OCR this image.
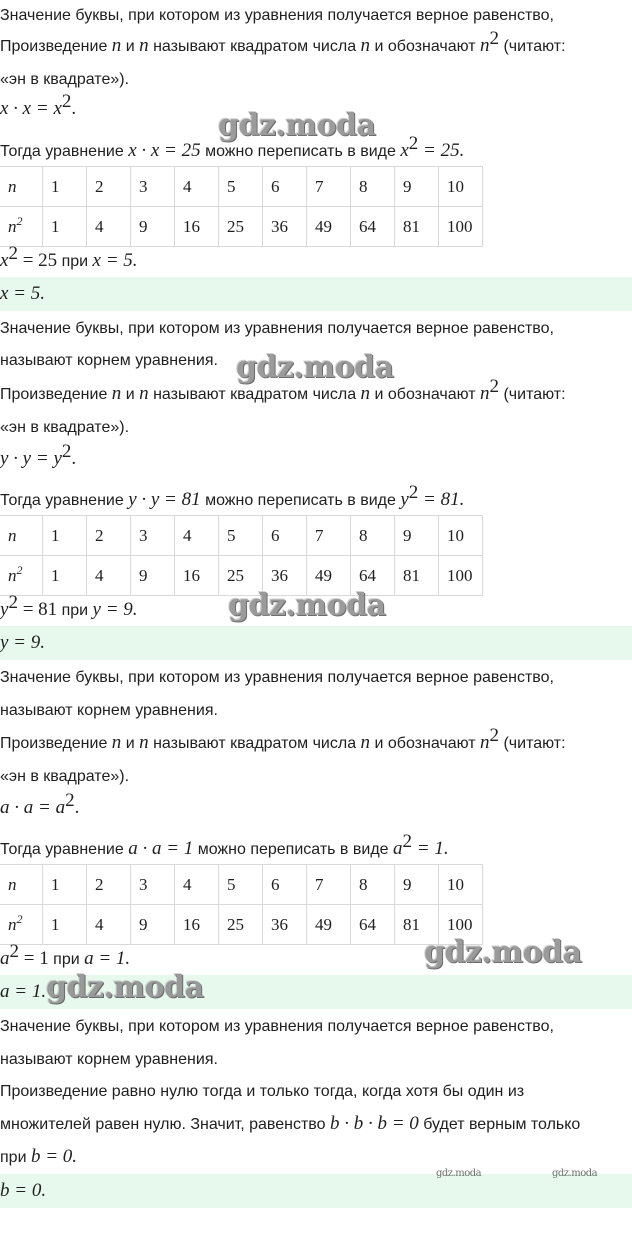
Значение буквы, при котором из уравнения получается верное равенство,
Произведение n и n называют квадратом числа n и обозначают $n^2$ (читают:
«эн в квадрате»).
$x \cdot x = x^2$.
Тогда уравнение x · x = 25 можно переписать в виде $x^2 = 25$.
n	1	2	3	4	5	6	7	8	9	10
$n^2$	1	4	9	16	25	36	49	64	81	100
$x^2 = 25$ при x = 5.
x = 5.
Значение буквы, при котором из уравнения получается верное равенство,
называют корнем уравнения.
Произведение n и n называют квадратом числа n и обозначают $n^2$ (читают:
«эн в квадрате»).
$y \cdot y = y^2$.
Тогда уравнение y · y = 81 можно переписать в виде $y^2 = 81$.
n	1	2	3	4	5	6	7	8	9	10
$n^2$	1	4	9	16	25	36	49	64	81	100
$y^2 = 81$ при y = 9.
y = 9.
Значение буквы, при котором из уравнения получается верное равенство,
называют корнем уравнения.
Произведение n и n называют квадратом числа n и обозначают $n^2$ (читают:
«эн в квадрате»).
$a \cdot a = a^2$.
Тогда уравнение a · a = 1 можно переписать в виде $a^2 = 1$.
n	1	2	3	4	5	6	7	8	9	10
$n^2$	1	4	9	16	25	36	49	64	81	100
$a^2 = 1$ при a = 1.
a = 1.
Значение буквы, при котором из уравнения получается верное равенство,
называют корнем уравнения.
Произведение равно нулю тогда и только тогда, когда хотя бы один из
множителей равен нулю. Значит, равенство b · b · b = 0 будет верным только
при b = 0.
b = 0.
gdz.moda
gdz.moda
gdz.moda
gdz.moda
gdz.moda
gdz.moda	gdz.moda
